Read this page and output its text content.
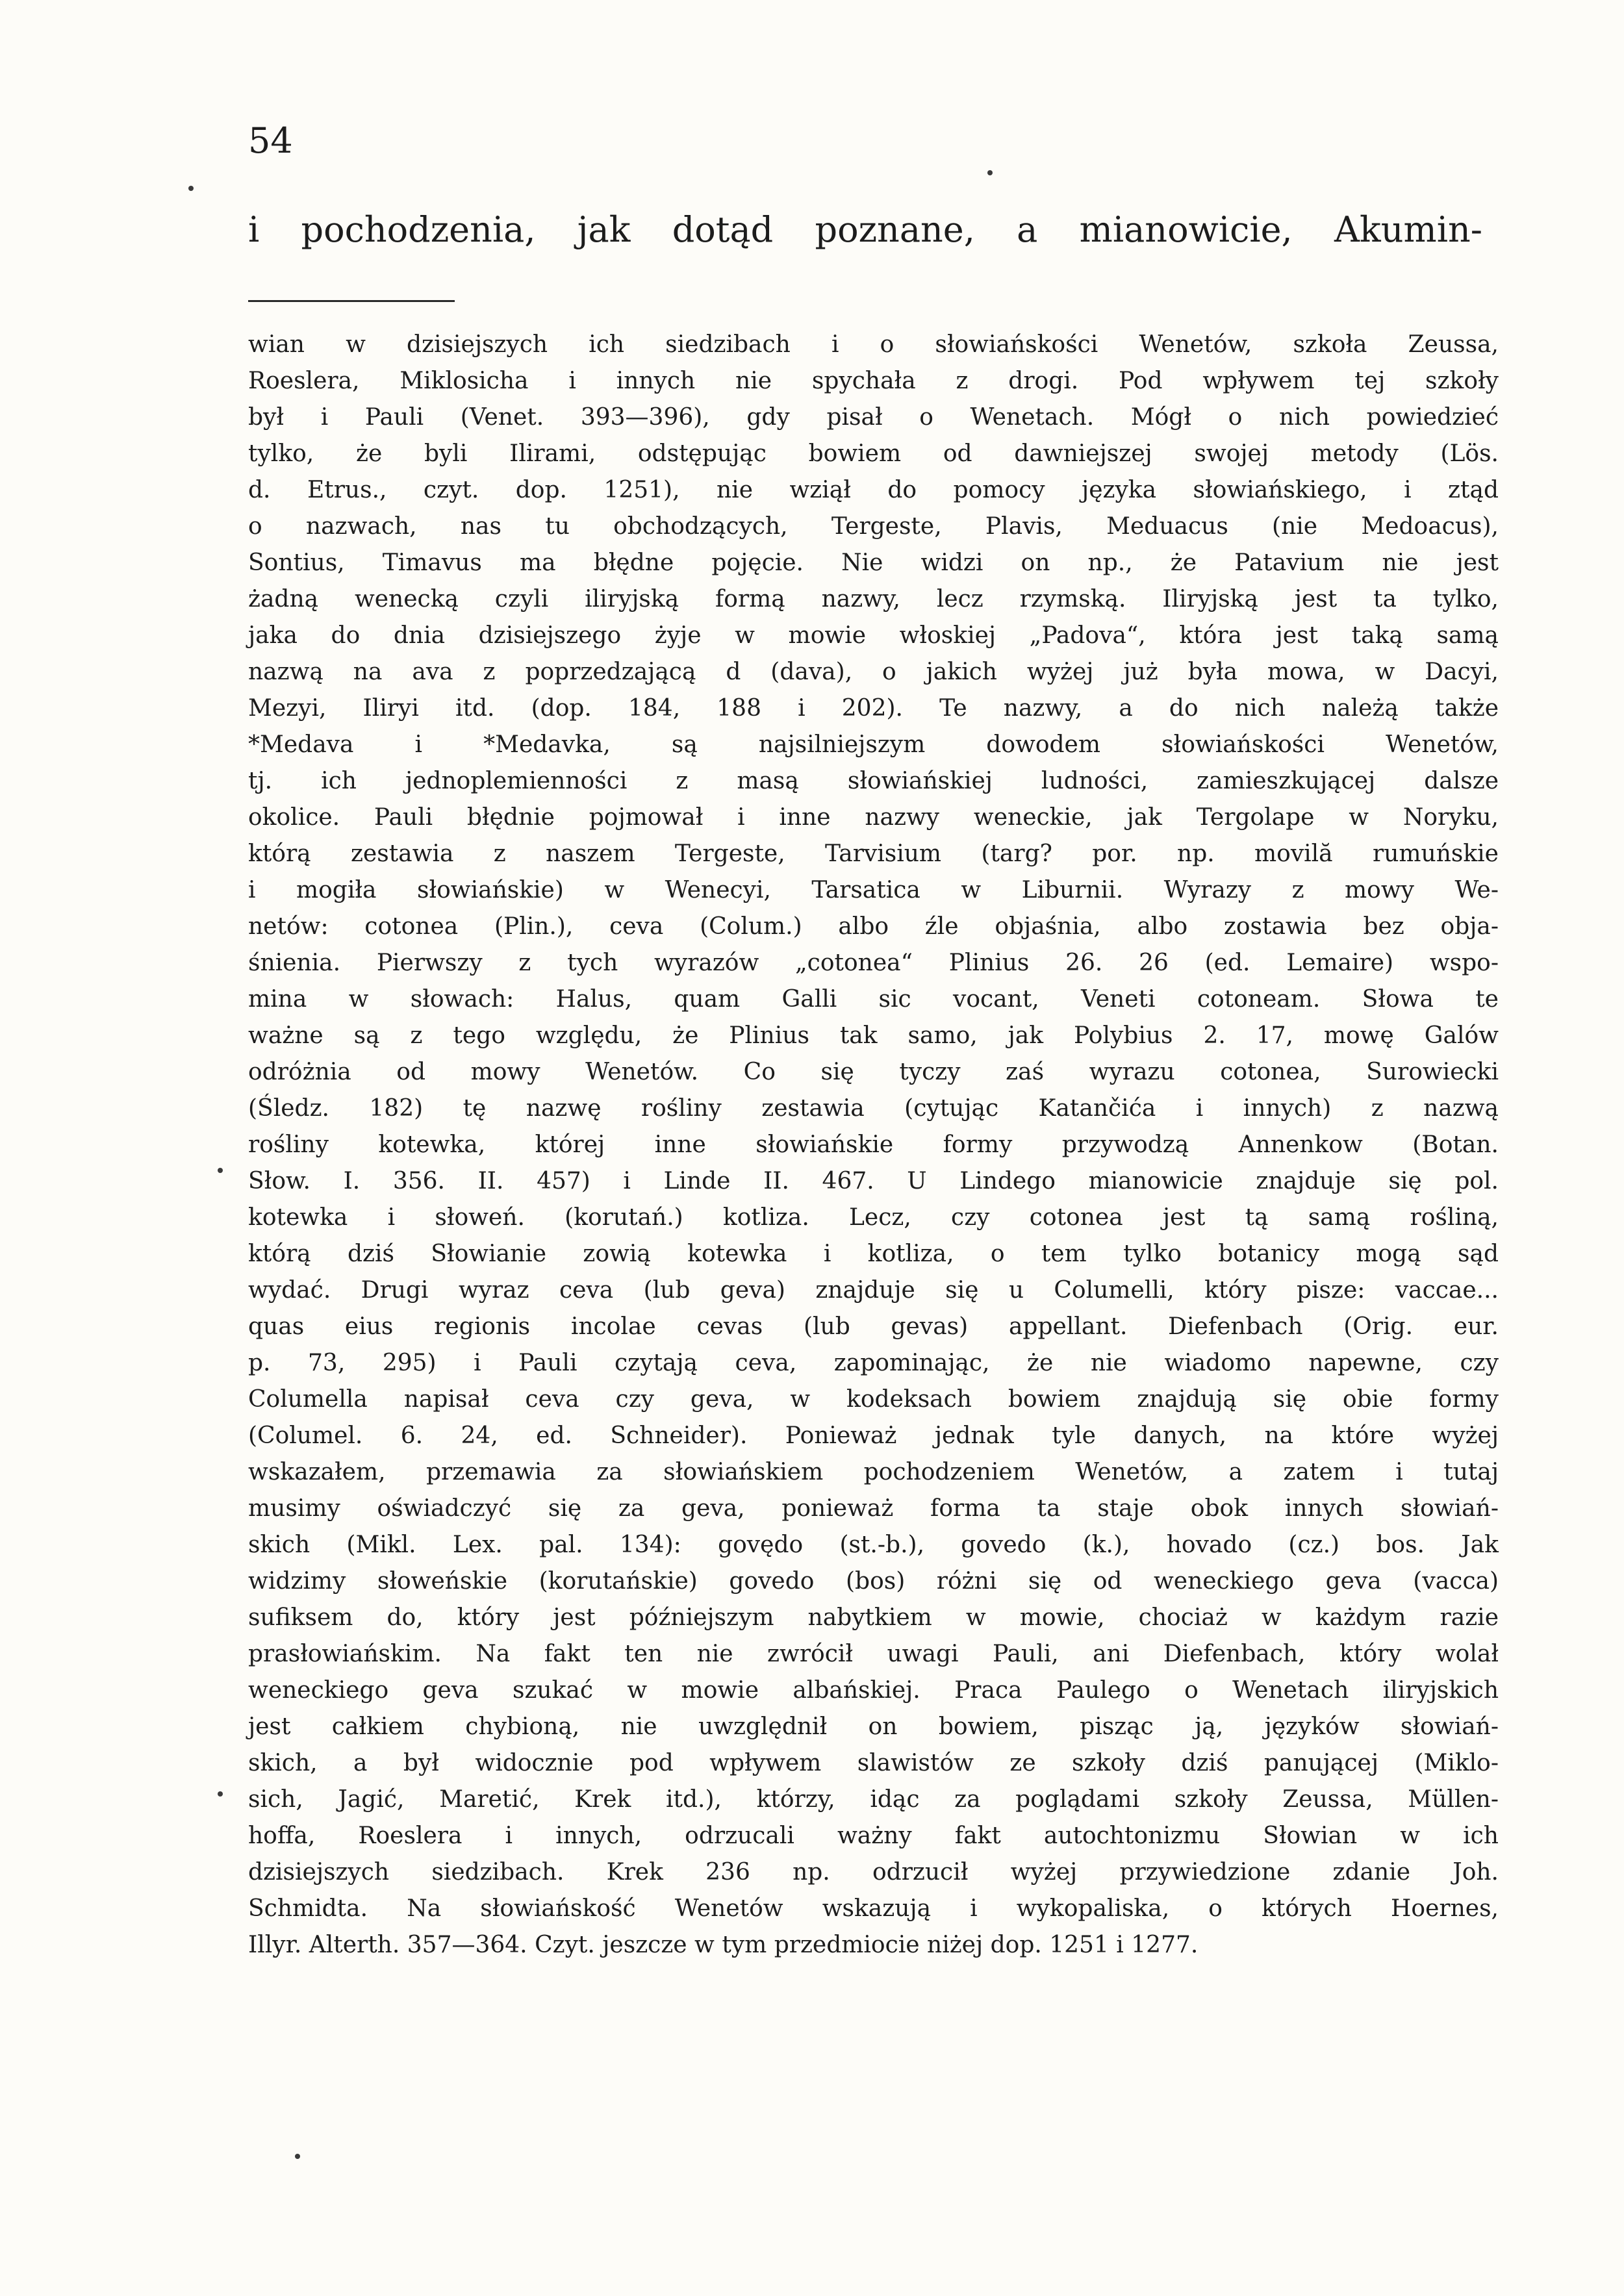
54
i pochodzenia, jak dotąd poznane, a mianowicie, Akumin-
wian w dzisiejszych ich siedzibach i o słowiańskości Wenetów, szkoła Zeussa,
Roeslera, Miklosicha i innych nie spychała z drogi. Pod wpływem tej szkoły
był i Pauli (Venet. 393—396), gdy pisał o Wenetach. Mógł o nich powiedzieć
tylko, że byli Ilirami, odstępując bowiem od dawniejszej swojej metody (Lös.
d. Etrus., czyt. dop. 1251), nie wziął do pomocy języka słowiańskiego, i ztąd
o nazwach, nas tu obchodzących, Tergeste, Plavis, Meduacus (nie Medoacus),
Sontius, Timavus ma błędne pojęcie. Nie widzi on np., że Patavium nie jest
żadną wenecką czyli iliryjską formą nazwy, lecz rzymską. Iliryjską jest ta tylko,
jaka do dnia dzisiejszego żyje w mowie włoskiej „Padova“, która jest taką samą
nazwą na ava z poprzedzającą d (dava), o jakich wyżej już była mowa, w Dacyi,
Mezyi, Iliryi itd. (dop. 184, 188 i 202). Te nazwy, a do nich należą także
*Medava i *Medavka, są najsilniejszym dowodem słowiańskości Wenetów,
tj. ich jednoplemienności z masą słowiańskiej ludności, zamieszkującej dalsze
okolice. Pauli błędnie pojmował i inne nazwy weneckie, jak Tergolape w Noryku,
którą zestawia z naszem Tergeste, Tarvisium (targ? por. np. movilă rumuńskie
i mogiła słowiańskie) w Wenecyi, Tarsatica w Liburnii. Wyrazy z mowy We-
netów: cotonea (Plin.), ceva (Colum.) albo źle objaśnia, albo zostawia bez obja-
śnienia. Pierwszy z tych wyrazów „cotonea“ Plinius 26. 26 (ed. Lemaire) wspo-
mina w słowach: Halus, quam Galli sic vocant, Veneti cotoneam. Słowa te
ważne są z tego względu, że Plinius tak samo, jak Polybius 2. 17, mowę Galów
odróżnia od mowy Wenetów. Co się tyczy zaś wyrazu cotonea, Surowiecki
(Śledz. 182) tę nazwę rośliny zestawia (cytując Katančića i innych) z nazwą
rośliny kotewka, której inne słowiańskie formy przywodzą Annenkow (Botan.
Słow. I. 356. II. 457) i Linde II. 467. U Lindego mianowicie znajduje się pol.
kotewka i słoweń. (korutań.) kotliza. Lecz, czy cotonea jest tą samą rośliną,
którą dziś Słowianie zowią kotewka i kotliza, o tem tylko botanicy mogą sąd
wydać. Drugi wyraz ceva (lub geva) znajduje się u Columelli, który pisze: vaccae...
quas eius regionis incolae cevas (lub gevas) appellant. Diefenbach (Orig. eur.
p. 73, 295) i Pauli czytają ceva, zapominając, że nie wiadomo napewne, czy
Columella napisał ceva czy geva, w kodeksach bowiem znajdują się obie formy
(Columel. 6. 24, ed. Schneider). Ponieważ jednak tyle danych, na które wyżej
wskazałem, przemawia za słowiańskiem pochodzeniem Wenetów, a zatem i tutaj
musimy oświadczyć się za geva, ponieważ forma ta staje obok innych słowiań-
skich (Mikl. Lex. pal. 134): govędo (st.-b.), govedo (k.), hovado (cz.) bos. Jak
widzimy słoweńskie (korutańskie) govedo (bos) różni się od weneckiego geva (vacca)
sufiksem do, który jest późniejszym nabytkiem w mowie, chociaż w każdym razie
prasłowiańskim. Na fakt ten nie zwrócił uwagi Pauli, ani Diefenbach, który wolał
weneckiego geva szukać w mowie albańskiej. Praca Paulego o Wenetach iliryjskich
jest całkiem chybioną, nie uwzględnił on bowiem, pisząc ją, języków słowiań-
skich, a był widocznie pod wpływem slawistów ze szkoły dziś panującej (Miklo-
sich, Jagić, Maretić, Krek itd.), którzy, idąc za poglądami szkoły Zeussa, Müllen-
hoffa, Roeslera i innych, odrzucali ważny fakt autochtonizmu Słowian w ich
dzisiejszych siedzibach. Krek 236 np. odrzucił wyżej przywiedzione zdanie Joh.
Schmidta. Na słowiańskość Wenetów wskazują i wykopaliska, o których Hoernes,
Illyr. Alterth. 357—364. Czyt. jeszcze w tym przedmiocie niżej dop. 1251 i 1277.
